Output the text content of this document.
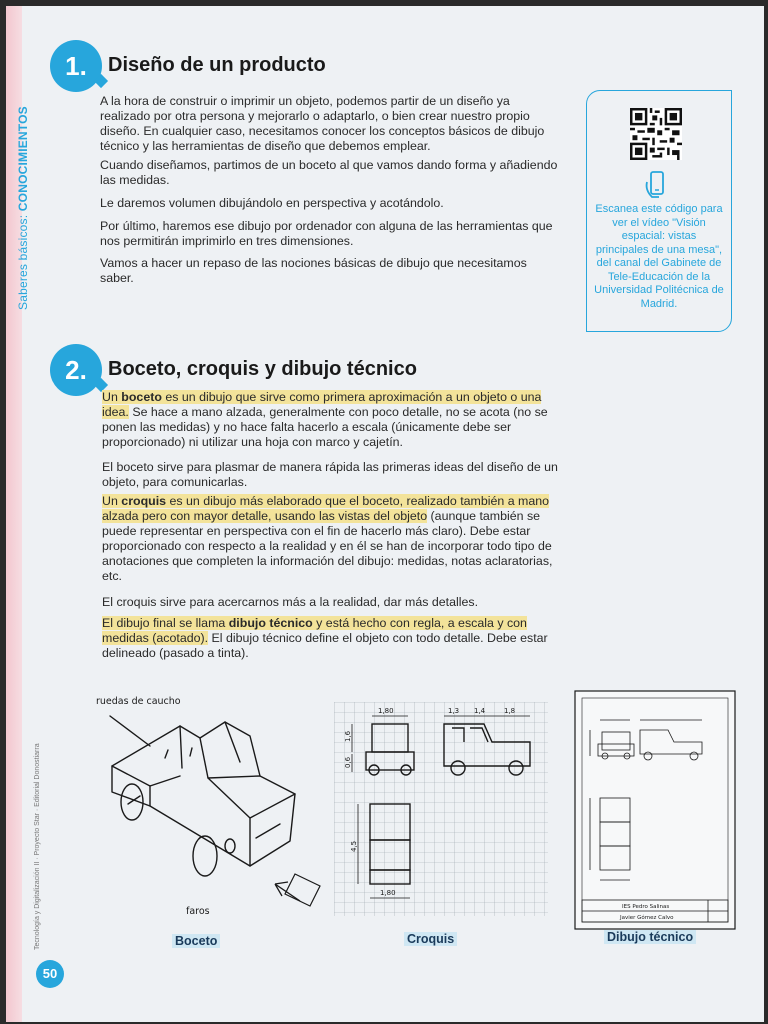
Saberes básicos: CONOCIMIENTOS
Tecnología y Digitalización II · Proyecto Star · Editorial Donostiarra
50
1.	Diseño de un producto

A la hora de construir o imprimir un objeto, podemos partir de un diseño ya realizado por otra persona y mejorarlo o adaptarlo, o bien crear nuestro propio diseño. En cualquier caso, necesitamos conocer los conceptos básicos de dibujo técnico y las herramientas de diseño que debemos emplear.

Cuando diseñamos, partimos de un boceto al que vamos dando forma y añadiendo las medidas.

Le daremos volumen dibujándolo en perspectiva y acotándolo.

Por último, haremos ese dibujo por ordenador con alguna de las herramientas que nos permitirán imprimirlo en tres dimensiones.

Vamos a hacer un repaso de las nociones básicas de dibujo que necesitamos saber.

Escanea este código para ver el vídeo "Visión espacial: vistas principales de una mesa", del canal del Gabinete de Tele-Educación de la Universidad Politécnica de Madrid.
2.	Boceto, croquis y dibujo técnico

Un boceto es un dibujo que sirve como primera aproximación a un objeto o una idea. Se hace a mano alzada, generalmente con poco detalle, no se acota (no se ponen las medidas) y no hace falta hacerlo a escala (únicamente debe ser proporcionado) ni utilizar una hoja con marco y cajetín.

El boceto sirve para plasmar de manera rápida las primeras ideas del diseño de un objeto, para comunicarlas.

Un croquis es un dibujo más elaborado que el boceto, realizado también a mano alzada pero con mayor detalle, usando las vistas del objeto (aunque también se puede representar en perspectiva con el fin de hacerlo más claro). Debe estar proporcionado con respecto a la realidad y en él se han de incorporar todo tipo de anotaciones que completen la información del dibujo: medidas, notas aclaratorias, etc.

El croquis sirve para acercarnos más a la realidad, dar más detalles.

El dibujo final se llama dibujo técnico y está hecho con regla, a escala y con medidas (acotado). El dibujo técnico define el objeto con todo detalle. Debe estar delineado (pasado a tinta).

ruedas de caucho
faros
Boceto
1,80	1,3 1,4	1,8
1,6
0,6
4,5
1,80
Croquis
IES Pedro Salinas
Javier Gómez Calvo
Dibujo técnico
